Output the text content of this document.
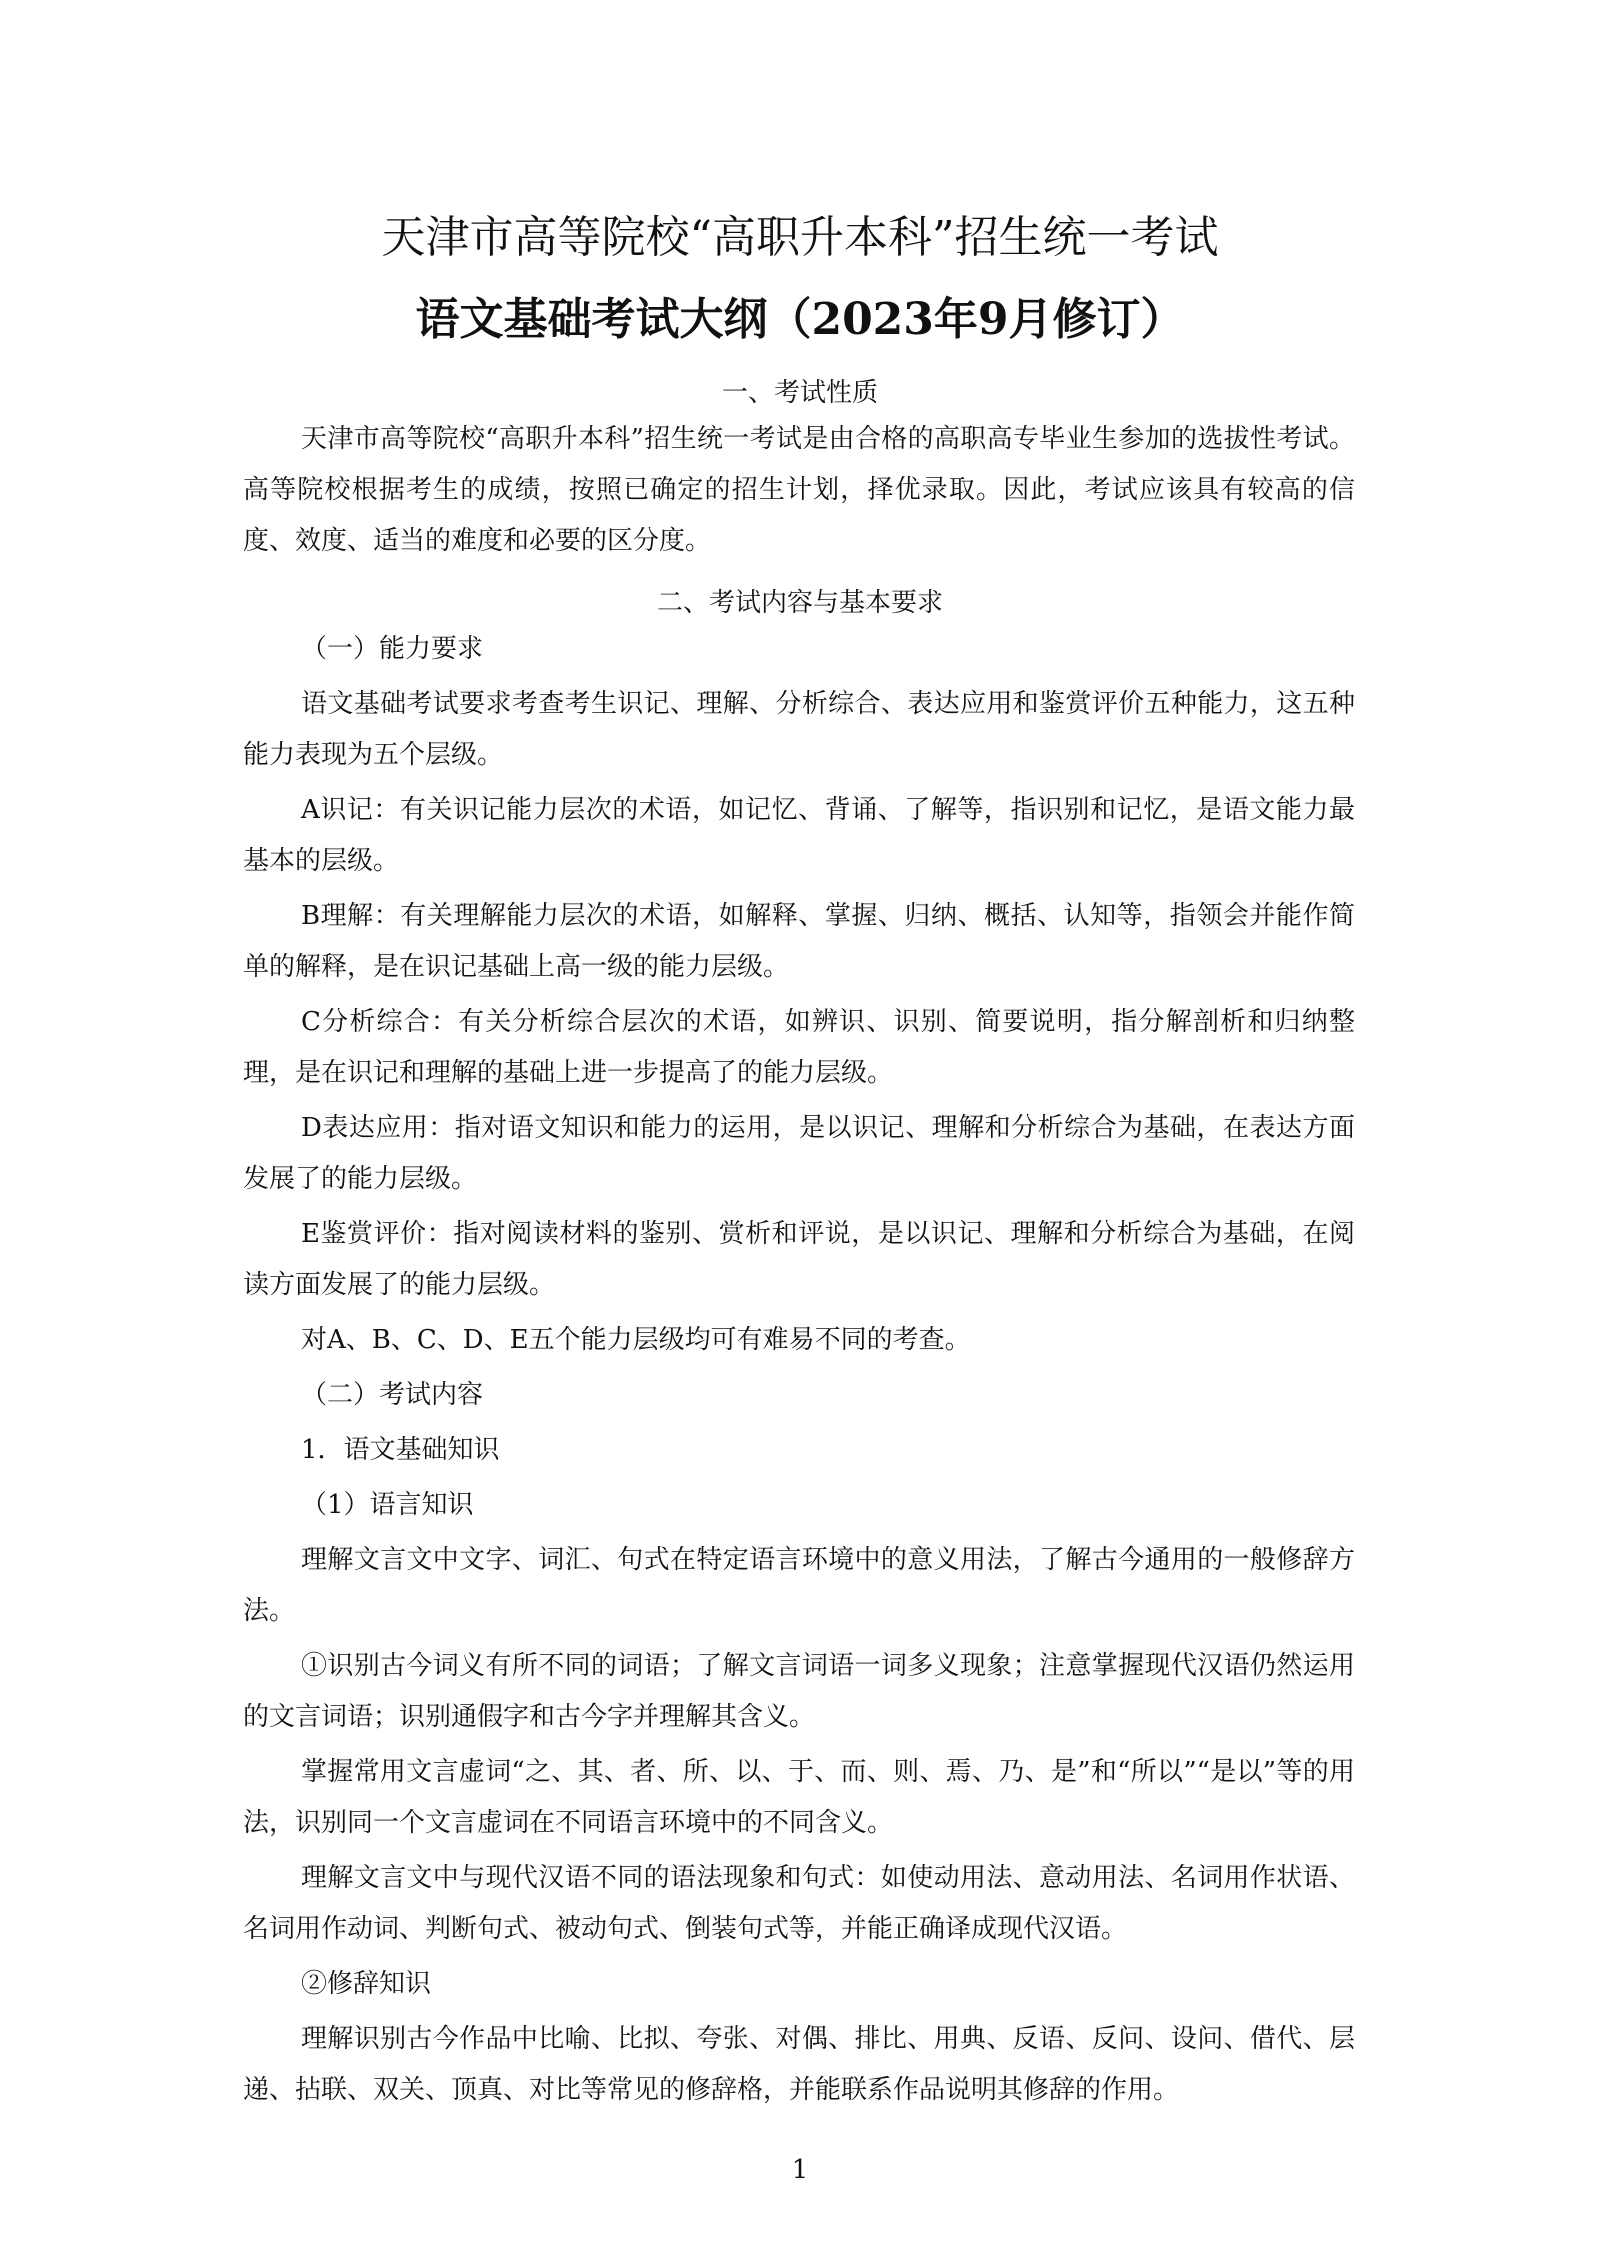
天津市高等院校“高职升本科”招生统一考试
语文基础考试大纲（2023年9月修订）
一、考试性质

天津市高等院校“高职升本科”招生统一考试是由合格的高职高专毕业生参加的选拔性考试。高等院校根据考生的成绩，按照已确定的招生计划，择优录取。因此，考试应该具有较高的信度、效度、适当的难度和必要的区分度。

二、考试内容与基本要求

（一）能力要求

语文基础考试要求考查考生识记、理解、分析综合、表达应用和鉴赏评价五种能力，这五种能力表现为五个层级。

A识记：有关识记能力层次的术语，如记忆、背诵、了解等，指识别和记忆，是语文能力最基本的层级。

B理解：有关理解能力层次的术语，如解释、掌握、归纳、概括、认知等，指领会并能作简单的解释，是在识记基础上高一级的能力层级。

C分析综合：有关分析综合层次的术语，如辨识、识别、简要说明，指分解剖析和归纳整理，是在识记和理解的基础上进一步提高了的能力层级。

D表达应用：指对语文知识和能力的运用，是以识记、理解和分析综合为基础，在表达方面发展了的能力层级。

E鉴赏评价：指对阅读材料的鉴别、赏析和评说，是以识记、理解和分析综合为基础，在阅读方面发展了的能力层级。

对A、B、C、D、E五个能力层级均可有难易不同的考查。

（二）考试内容

1．语文基础知识

（1）语言知识

理解文言文中文字、词汇、句式在特定语言环境中的意义用法，了解古今通用的一般修辞方法。

①识别古今词义有所不同的词语；了解文言词语一词多义现象；注意掌握现代汉语仍然运用的文言词语；识别通假字和古今字并理解其含义。

掌握常用文言虚词“之、其、者、所、以、于、而、则、焉、乃、是”和“所以”“是以”等的用法，识别同一个文言虚词在不同语言环境中的不同含义。

理解文言文中与现代汉语不同的语法现象和句式：如使动用法、意动用法、名词用作状语、名词用作动词、判断句式、被动句式、倒装句式等，并能正确译成现代汉语。

②修辞知识

理解识别古今作品中比喻、比拟、夸张、对偶、排比、用典、反语、反问、设问、借代、层递、拈联、双关、顶真、对比等常见的修辞格，并能联系作品说明其修辞的作用。

1
